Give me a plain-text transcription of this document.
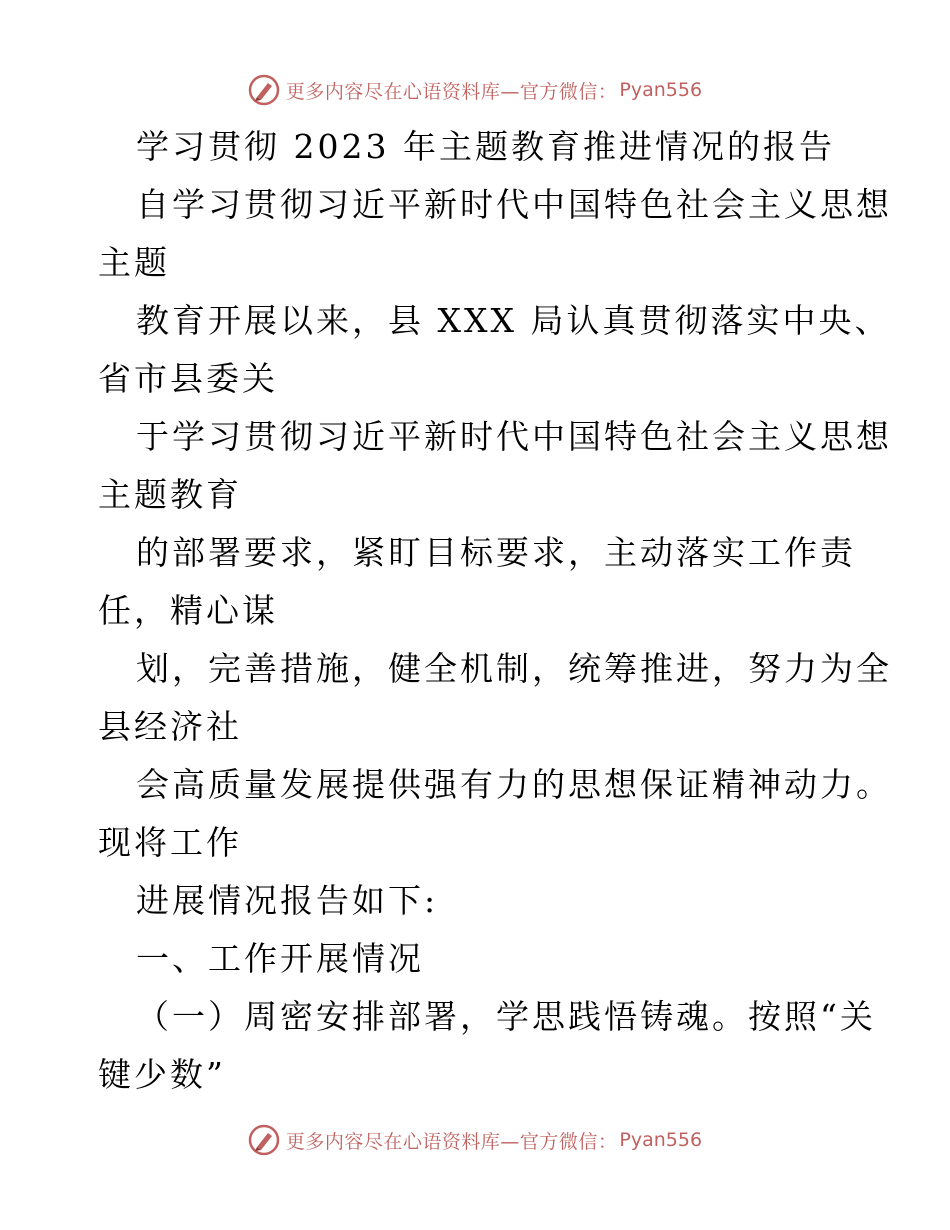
更多内容尽在心语资料库—官方微信： Pyan556
学习贯彻 2023 年主题教育推进情况的报告
自学习贯彻习近平新时代中国特色社会主义思想
主题
教育开展以来，县 XXX 局认真贯彻落实中央、
省市县委关
于学习贯彻习近平新时代中国特色社会主义思想
主题教育
的部署要求，紧盯目标要求，主动落实工作责
任，精心谋
划，完善措施，健全机制，统筹推进，努力为全
县经济社
会高质量发展提供强有力的思想保证精神动力。
现将工作
进展情况报告如下:
一、工作开展情况
（一）周密安排部署，学思践悟铸魂。按照“关
键少数”
更多内容尽在心语资料库—官方微信： Pyan556
